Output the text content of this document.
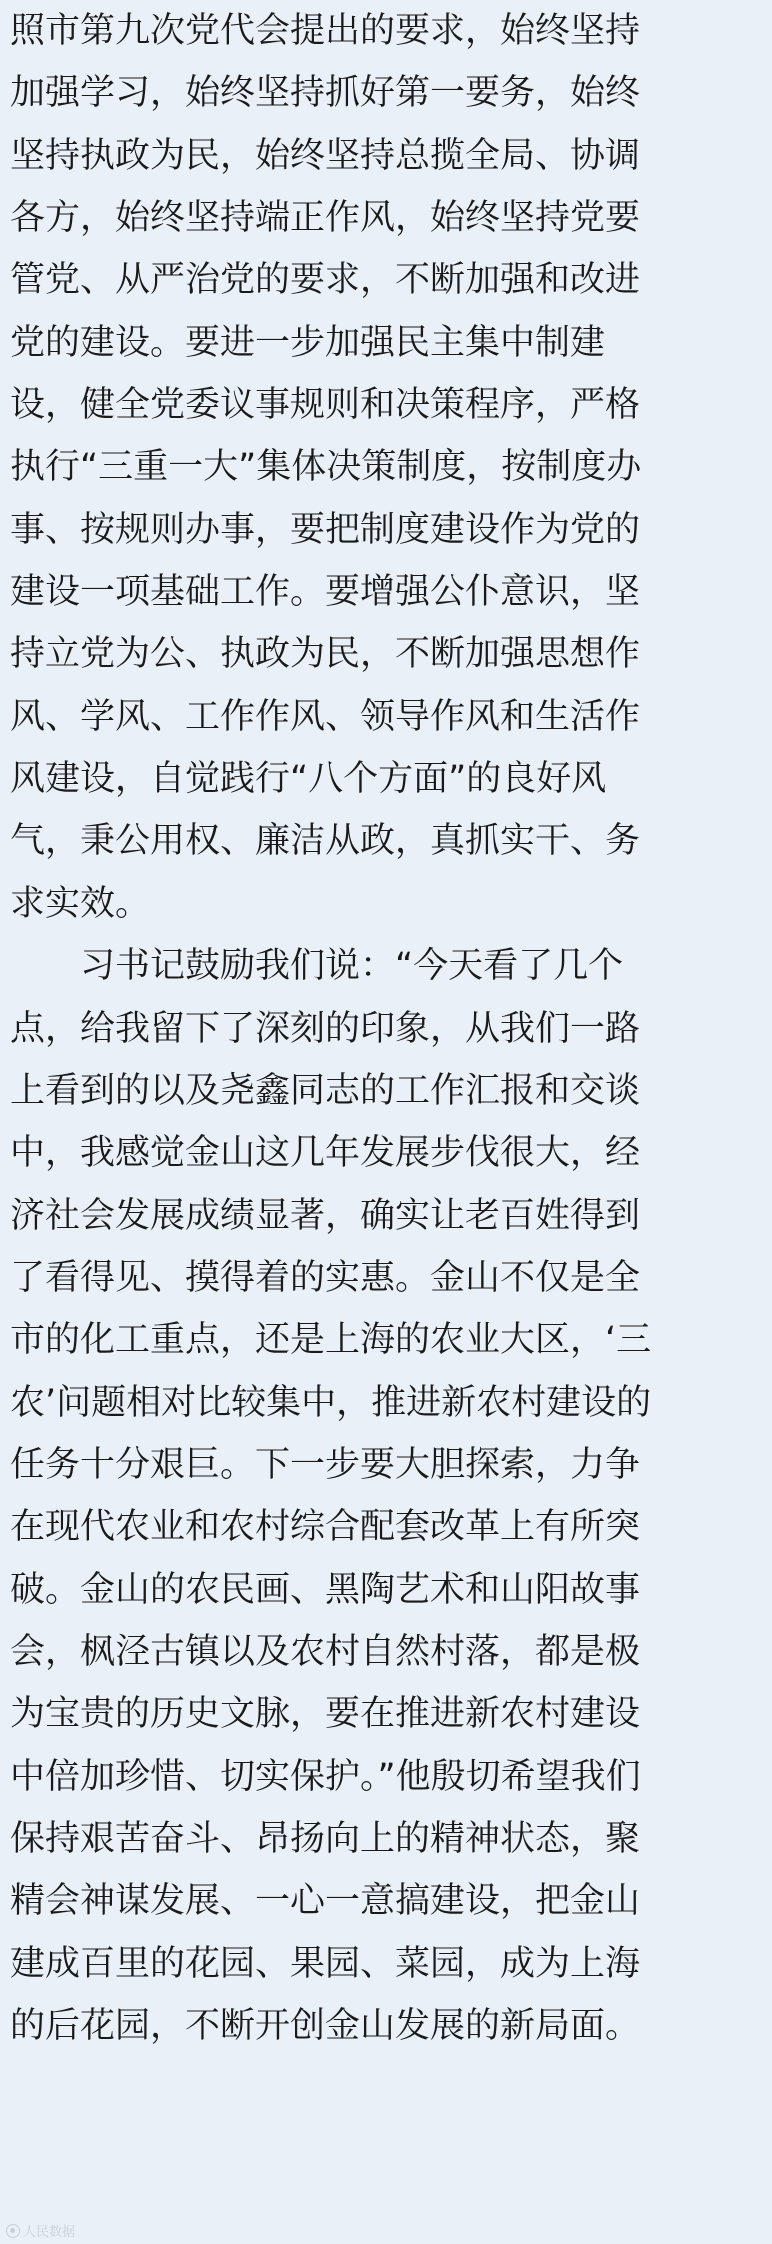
照市第九次党代会提出的要求，始终坚持
加强学习，始终坚持抓好第一要务，始终
坚持执政为民，始终坚持总揽全局、协调
各方，始终坚持端正作风，始终坚持党要
管党、从严治党的要求，不断加强和改进
党的建设。要进一步加强民主集中制建
设，健全党委议事规则和决策程序，严格
执行“三重一大”集体决策制度，按制度办
事、按规则办事，要把制度建设作为党的
建设一项基础工作。要增强公仆意识，坚
持立党为公、执政为民，不断加强思想作
风、学风、工作作风、领导作风和生活作
风建设，自觉践行“八个方面”的良好风
气，秉公用权、廉洁从政，真抓实干、务
求实效。
　　习书记鼓励我们说：“今天看了几个
点，给我留下了深刻的印象，从我们一路
上看到的以及尧鑫同志的工作汇报和交谈
中，我感觉金山这几年发展步伐很大，经
济社会发展成绩显著，确实让老百姓得到
了看得见、摸得着的实惠。金山不仅是全
市的化工重点，还是上海的农业大区，‘三
农’问题相对比较集中，推进新农村建设的
任务十分艰巨。下一步要大胆探索，力争
在现代农业和农村综合配套改革上有所突
破。金山的农民画、黑陶艺术和山阳故事
会，枫泾古镇以及农村自然村落，都是极
为宝贵的历史文脉，要在推进新农村建设
中倍加珍惜、切实保护。”他殷切希望我们
保持艰苦奋斗、昂扬向上的精神状态，聚
精会神谋发展、一心一意搞建设，把金山
建成百里的花园、果园、菜园，成为上海
的后花园，不断开创金山发展的新局面。
人民数据
